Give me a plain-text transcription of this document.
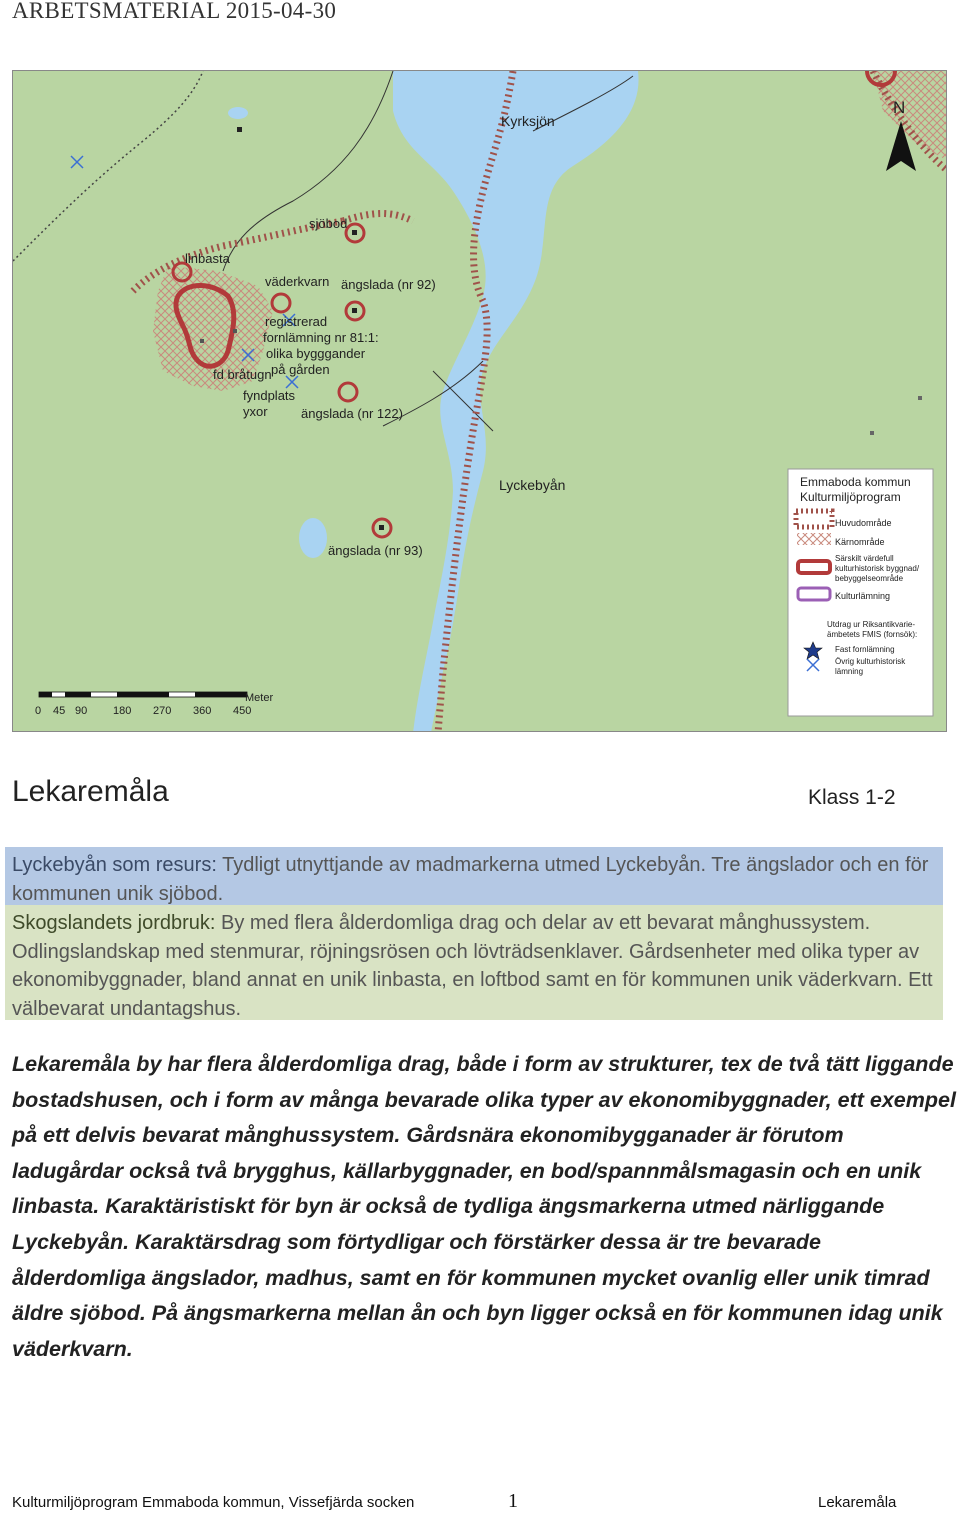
ARBETSMATERIAL 2015-04-30
N
Kyrksjön
sjöbod
linbasta
väderkvarn ängslada (nr 92)
registrerad
fornlämning nr 81:1:
olika bygggander
på gården
fd bråtugn
fyndplats
yxor	ängslada (nr 122)
Lyckebyån
ängslada (nr 93)
Emmaboda kommun
Kulturmiljöprogram
Huvudområde
Kärnområde
Särskilt värdefull
kulturhistorisk byggnad/
bebyggelseområde
Kulturlämning
Utdrag ur Riksantikvarie-
ämbetets FMIS (fornsök):
Fast fornlämning
Övrig kulturhistorisk
lämning
Meter
0 45 90 180 270 360 450
Lekaremåla	Klass 1-2
Lyckebyån som resurs: Tydligt utnyttjande av madmarkerna utmed Lyckebyån. Tre ängslador och en för kommunen unik sjöbod.
Skogslandets jordbruk: By med flera ålderdomliga drag och delar av ett bevarat månghussystem. Odlingslandskap med stenmurar, röjningsrösen och lövträdsenklaver. Gårdsenheter med olika typer av ekonomibyggnader, bland annat en unik linbasta, en loftbod samt en för kommunen unik väderkvarn. Ett välbevarat undantagshus.
Lekaremåla by har flera ålderdomliga drag, både i form av strukturer, tex de två tätt liggande bostadshusen, och i form av många bevarade olika typer av ekonomibyggnader, ett exempel på ett delvis bevarat månghussystem. Gårdsnära ekonomibygganader är förutom ladugårdar också två brygghus, källarbyggnader, en bod/spannmålsmagasin och en unik linbasta. Karaktäristiskt för byn är också de tydliga ängsmarkerna utmed närliggande Lyckebyån. Karaktärsdrag som förtydligar och förstärker dessa är tre bevarade ålderdomliga ängslador, madhus, samt en för kommunen mycket ovanlig eller unik timrad äldre sjöbod. På ängsmarkerna mellan ån och byn ligger också en för kommunen idag unik väderkvarn.
Kulturmiljöprogram Emmaboda kommun, Vissefjärda socken	1	Lekaremåla
